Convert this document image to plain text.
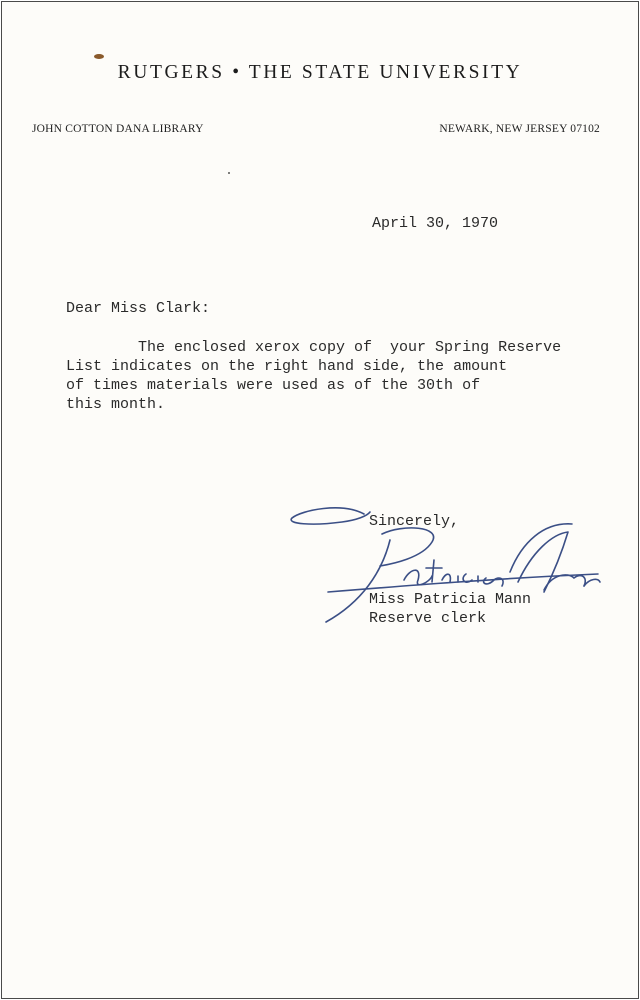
RUTGERS • THE STATE UNIVERSITY
JOHN COTTON DANA LIBRARY	NEWARK, NEW JERSEY 07102
April 30, 1970
Dear Miss Clark:
The enclosed xerox copy of  your Spring Reserve
List indicates on the right hand side, the amount
of times materials were used as of the 30th of
this month.
Sincerely,
Miss Patricia Mann
Reserve clerk
